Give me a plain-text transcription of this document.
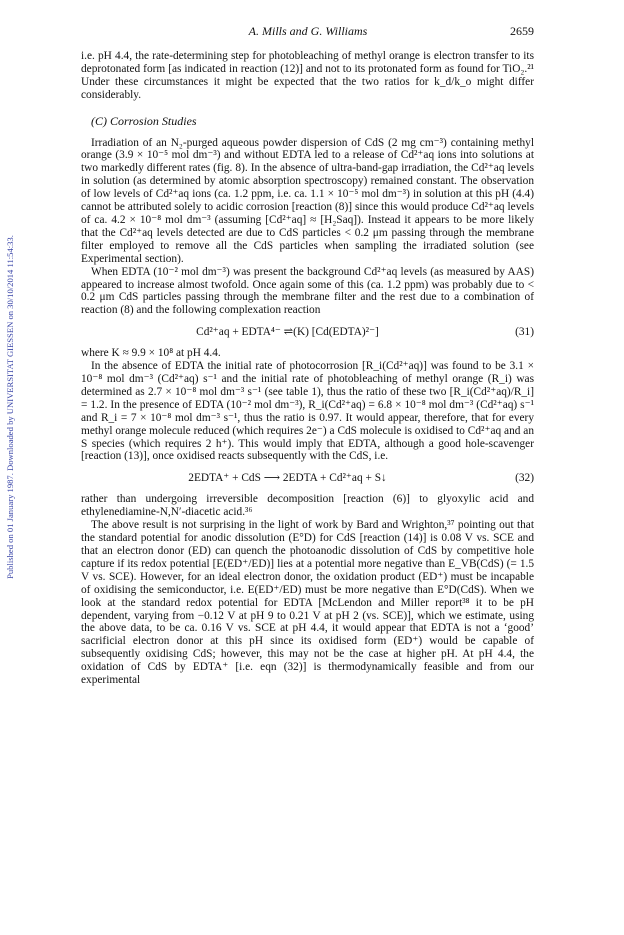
Published on 01 January 1987. Downloaded by UNIVERSITAT GIESSEN on 30/10/2014 11:54:33.
A. Mills and G. Williams	2659

i.e. pH 4.4, the rate-determining step for photobleaching of methyl orange is electron transfer to its deprotonated form [as indicated in reaction (12)] and not to its protonated form as found for TiO₂.²¹ Under these circumstances it might be expected that the two ratios for k_d/k_o might differ considerably.

(C) Corrosion Studies

Irradiation of an N₂-purged aqueous powder dispersion of CdS (2 mg cm⁻³) containing methyl orange (3.9 × 10⁻⁵ mol dm⁻³) and without EDTA led to a release of Cd²⁺aq ions into solutions at two markedly different rates (fig. 8). In the absence of ultra-band-gap irradiation, the Cd²⁺aq levels in solution (as determined by atomic absorption spectroscopy) remained constant. The observation of low levels of Cd²⁺aq ions (ca. 1.2 ppm, i.e. ca. 1.1 × 10⁻⁵ mol dm⁻³) in solution at this pH (4.4) cannot be attributed solely to acidic corrosion [reaction (8)] since this would produce Cd²⁺aq levels of ca. 4.2 × 10⁻⁸ mol dm⁻³ (assuming [Cd²⁺aq] ≈ [H₂Saq]). Instead it appears to be more likely that the Cd²⁺aq levels detected are due to CdS particles < 0.2 μm passing through the membrane filter employed to remove all the CdS particles when sampling the irradiated solution (see Experimental section).

When EDTA (10⁻² mol dm⁻³) was present the background Cd²⁺aq levels (as measured by AAS) appeared to increase almost twofold. Once again some of this (ca. 1.2 ppm) was probably due to < 0.2 μm CdS particles passing through the membrane filter and the rest due to a combination of reaction (8) and the following complexation reaction

Cd²⁺aq + EDTA⁴⁻ ⇌(K) [Cd(EDTA)²⁻]	(31)

where K ≈ 9.9 × 10⁸ at pH 4.4.

In the absence of EDTA the initial rate of photocorrosion [R_i(Cd²⁺aq)] was found to be 3.1 × 10⁻⁸ mol dm⁻³ (Cd²⁺aq) s⁻¹ and the initial rate of photobleaching of methyl orange (R_i) was determined as 2.7 × 10⁻⁸ mol dm⁻³ s⁻¹ (see table 1), thus the ratio of these two [R_i(Cd²⁺aq)/R_i] = 1.2. In the presence of EDTA (10⁻² mol dm⁻³), R_i(Cd²⁺aq) = 6.8 × 10⁻⁸ mol dm⁻³ (Cd²⁺aq) s⁻¹ and R_i = 7 × 10⁻⁸ mol dm⁻³ s⁻¹, thus the ratio is 0.97. It would appear, therefore, that for every methyl orange molecule reduced (which requires 2e⁻) a CdS molecule is oxidised to Cd²⁺aq and an S species (which requires 2 h⁺). This would imply that EDTA, although a good hole-scavenger [reaction (13)], once oxidised reacts subsequently with the CdS, i.e.

2EDTA⁺ + CdS ⟶ 2EDTA + Cd²⁺aq + S↓	(32)

rather than undergoing irreversible decomposition [reaction (6)] to glyoxylic acid and ethylenediamine-N,N′-diacetic acid.³⁶

The above result is not surprising in the light of work by Bard and Wrighton,³⁷ pointing out that the standard potential for anodic dissolution (E°D) for CdS [reaction (14)] is 0.08 V vs. SCE and that an electron donor (ED) can quench the photoanodic dissolution of CdS by competitive hole capture if its redox potential [E(ED⁺/ED)] lies at a potential more negative than E_VB(CdS) (= 1.5 V vs. SCE). However, for an ideal electron donor, the oxidation product (ED⁺) must be incapable of oxidising the semiconductor, i.e. E(ED⁺/ED) must be more negative than E°D(CdS). When we look at the standard redox potential for EDTA [McLendon and Miller report³⁸ it to be pH dependent, varying from −0.12 V at pH 9 to 0.21 V at pH 2 (vs. SCE)], which we estimate, using the above data, to be ca. 0.16 V vs. SCE at pH 4.4, it would appear that EDTA is not a ‘good’ sacrificial electron donor at this pH since its oxidised form (ED⁺) would be capable of subsequently oxidising CdS; however, this may not be the case at higher pH. At pH 4.4, the oxidation of CdS by EDTA⁺ [i.e. eqn (32)] is thermodynamically feasible and from our experimental
